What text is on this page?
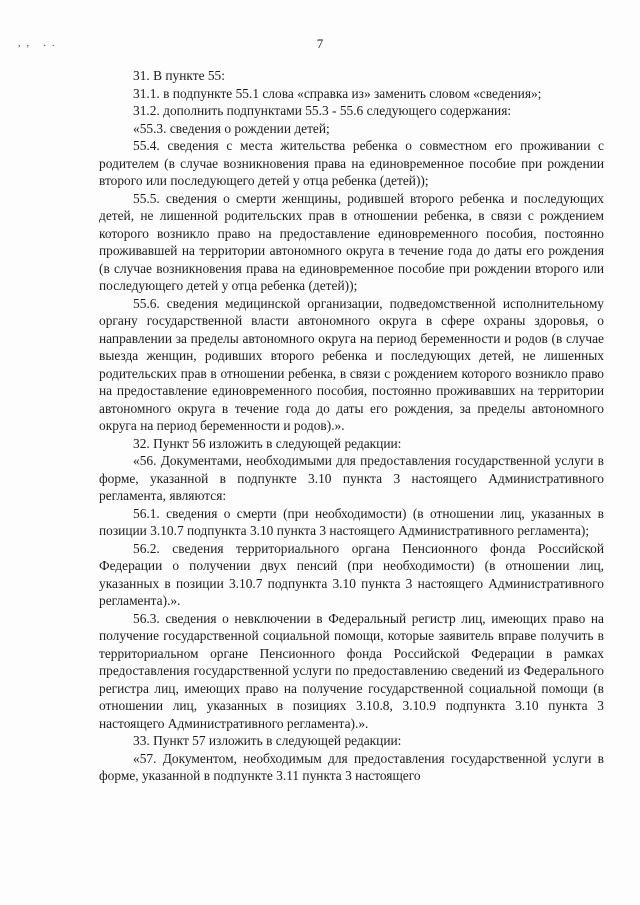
,, ..	7

31. В пункте 55:

31.1. в подпункте 55.1 слова «справка из» заменить словом «сведения»;

31.2. дополнить подпунктами 55.3 - 55.6 следующего содержания:

«55.3. сведения о рождении детей;

55.4. сведения с места жительства ребенка о совместном его проживании с родителем (в случае возникновения права на единовременное пособие при рождении второго или последующего детей у отца ребенка (детей));

55.5. сведения о смерти женщины, родившей второго ребенка и последующих детей, не лишенной родительских прав в отношении ребенка, в связи с рождением которого возникло право на предоставление единовременного пособия, постоянно проживавшей на территории автономного округа в течение года до даты его рождения (в случае возникновения права на единовременное пособие при рождении второго или последующего детей у отца ребенка (детей));

55.6. сведения медицинской организации, подведомственной исполнительному органу государственной власти автономного округа в сфере охраны здоровья, о направлении за пределы автономного округа на период беременности и родов (в случае выезда женщин, родивших второго ребенка и последующих детей, не лишенных родительских прав в отношении ребенка, в связи с рождением которого возникло право на предоставление единовременного пособия, постоянно проживавших на территории автономного округа в течение года до даты его рождения, за пределы автономного округа на период беременности и родов).».

32. Пункт 56 изложить в следующей редакции:

«56. Документами, необходимыми для предоставления государственной услуги в форме, указанной в подпункте 3.10 пункта 3 настоящего Административного регламента, являются:

56.1. сведения о смерти (при необходимости) (в отношении лиц, указанных в позиции 3.10.7 подпункта 3.10 пункта 3 настоящего Административного регламента);

56.2. сведения территориального органа Пенсионного фонда Российской Федерации о получении двух пенсий (при необходимости) (в отношении лиц, указанных в позиции 3.10.7 подпункта 3.10 пункта 3 настоящего Административного регламента).».

56.3. сведения о невключении в Федеральный регистр лиц, имеющих право на получение государственной социальной помощи, которые заявитель вправе получить в территориальном органе Пенсионного фонда Российской Федерации в рамках предоставления государственной услуги по предоставлению сведений из Федерального регистра лиц, имеющих право на получение государственной социальной помощи (в отношении лиц, указанных в позициях 3.10.8, 3.10.9 подпункта 3.10 пункта 3 настоящего Административного регламента).».

33. Пункт 57 изложить в следующей редакции:

«57. Документом, необходимым для предоставления государственной услуги в форме, указанной в подпункте 3.11 пункта 3 настоящего
